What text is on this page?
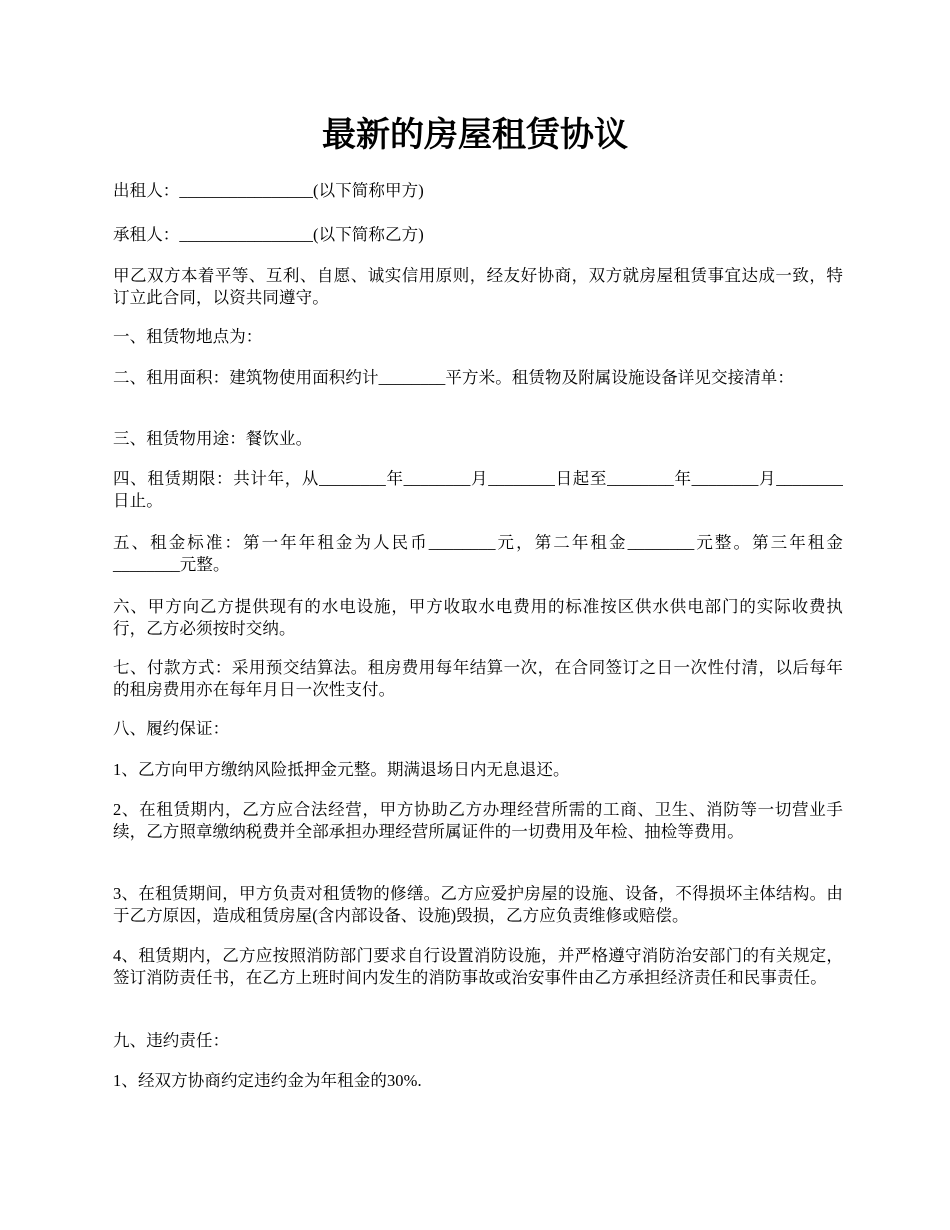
最新的房屋租赁协议

出租人：________________(以下简称甲方)

承租人：________________(以下简称乙方)

甲乙双方本着平等、互利、自愿、诚实信用原则，经友好协商，双方就房屋租赁事宜达成一致，特订立此合同，以资共同遵守。

一、租赁物地点为：

二、租用面积：建筑物使用面积约计________平方米。租赁物及附属设施设备详见交接清单：

三、租赁物用途：餐饮业。

四、租赁期限：共计年，从________年________月________日起至________年________月________日止。

五、租金标准：第一年年租金为人民币________元，第二年租金________元整。第三年租金________元整。

六、甲方向乙方提供现有的水电设施，甲方收取水电费用的标准按区供水供电部门的实际收费执行，乙方必须按时交纳。

七、付款方式：采用预交结算法。租房费用每年结算一次，在合同签订之日一次性付清，以后每年的租房费用亦在每年月日一次性支付。

八、履约保证：

1、乙方向甲方缴纳风险抵押金元整。期满退场日内无息退还。

2、在租赁期内，乙方应合法经营，甲方协助乙方办理经营所需的工商、卫生、消防等一切营业手续，乙方照章缴纳税费并全部承担办理经营所属证件的一切费用及年检、抽检等费用。

3、在租赁期间，甲方负责对租赁物的修缮。乙方应爱护房屋的设施、设备，不得损坏主体结构。由于乙方原因，造成租赁房屋(含内部设备、设施)毁损，乙方应负责维修或赔偿。

4、租赁期内，乙方应按照消防部门要求自行设置消防设施，并严格遵守消防治安部门的有关规定，签订消防责任书，在乙方上班时间内发生的消防事故或治安事件由乙方承担经济责任和民事责任。

九、违约责任：

1、经双方协商约定违约金为年租金的30%.
